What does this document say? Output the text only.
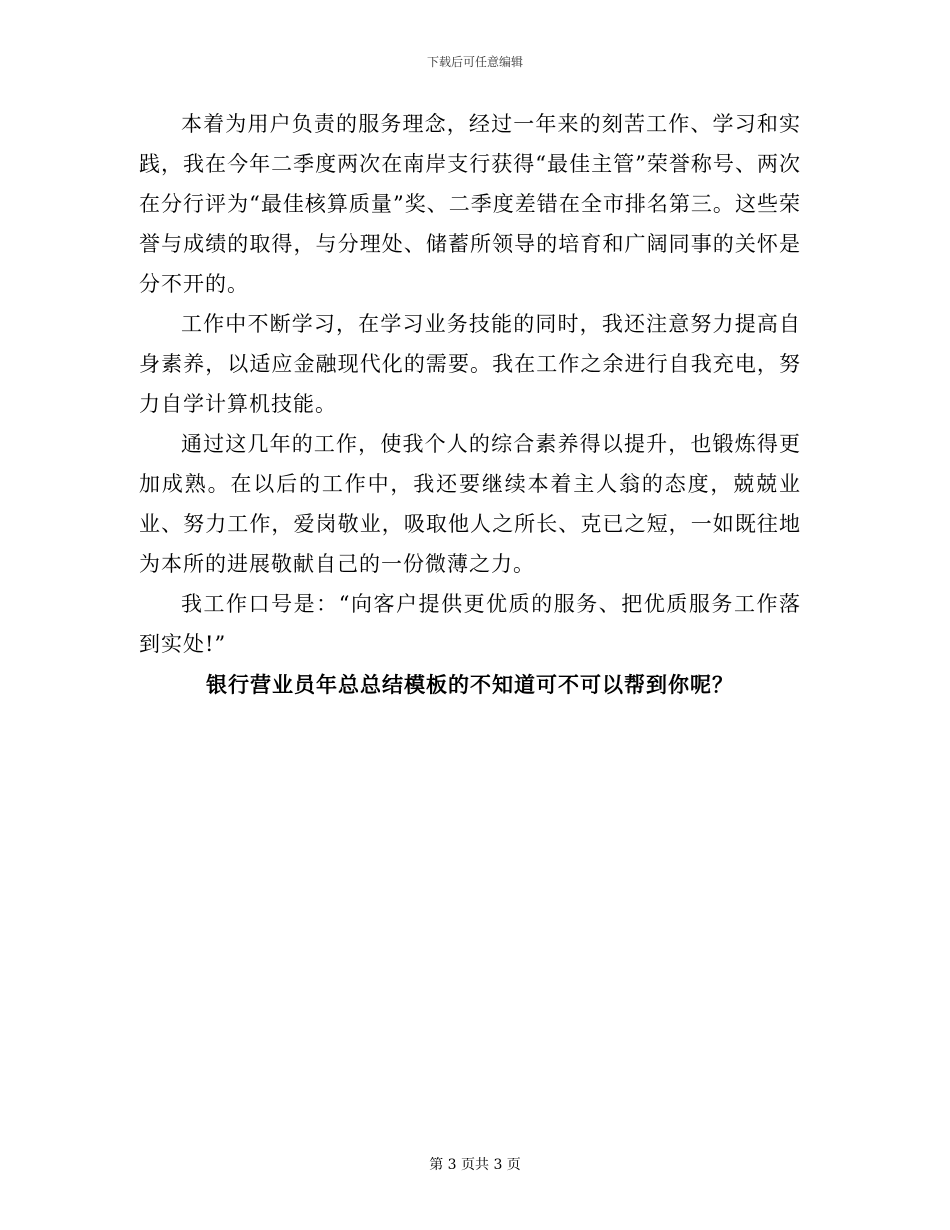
下载后可任意编辑

本着为用户负责的服务理念，经过一年来的刻苦工作、学习和实践，我在今年二季度两次在南岸支行获得“最佳主管”荣誉称号、两次在分行评为“最佳核算质量”奖、二季度差错在全市排名第三。这些荣誉与成绩的取得，与分理处、储蓄所领导的培育和广阔同事的关怀是分不开的。

工作中不断学习，在学习业务技能的同时，我还注意努力提高自身素养，以适应金融现代化的需要。我在工作之余进行自我充电，努力自学计算机技能。

通过这几年的工作，使我个人的综合素养得以提升，也锻炼得更加成熟。在以后的工作中，我还要继续本着主人翁的态度，兢兢业业、努力工作，爱岗敬业，吸取他人之所长、克已之短，一如既往地为本所的进展敬献自己的一份微薄之力。

我工作口号是：“向客户提供更优质的服务、把优质服务工作落到实处!”

银行营业员年总总结模板的不知道可不可以帮到你呢？

第 3 页共 3 页
